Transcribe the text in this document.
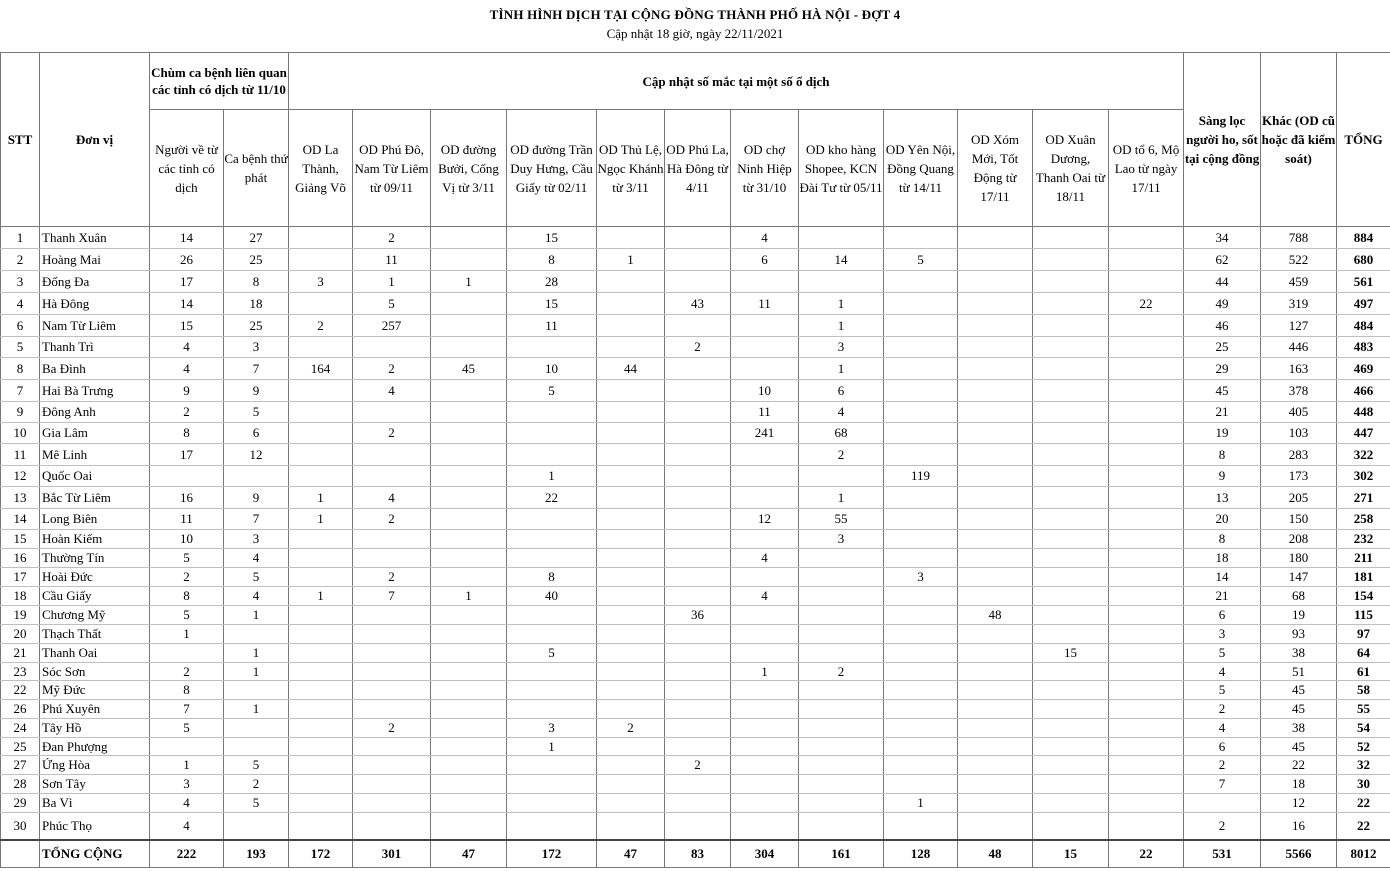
TÌNH HÌNH DỊCH TẠI CỘNG ĐỒNG THÀNH PHỐ HÀ NỘI - ĐỢT 4
Cập nhật 18 giờ, ngày 22/11/2021
STT	Đơn vị	Chùm ca bệnh liên quan các tỉnh có dịch từ 11/10		Cập nhật số mắc tại một số ổ dịch												Sàng lọc người ho, sốt tại cộng đồng	Khác (OD cũ hoặc đã kiểm soát)	TỔNG
		Người về từ các tỉnh có dịch	Ca bệnh thứ phát	OD La Thành, Giảng Võ	OD Phú Đô, Nam Từ Liêm từ 09/11	OD đường Bưởi, Cống Vị từ 3/11	OD đường Trần Duy Hưng, Cầu Giấy từ 02/11	OD Thủ Lệ, Ngọc Khánh từ 3/11	OD Phú La, Hà Đông từ 4/11	OD chợ Ninh Hiệp từ 31/10	OD kho hàng Shopee, KCN Đài Tư từ 05/11	OD Yên Nội, Đồng Quang từ 14/11	OD Xóm Mới, Tốt Động từ 17/11	OD Xuân Dương, Thanh Oai từ 18/11	OD tổ 6, Mộ Lao từ ngày 17/11			
1	Thanh Xuân	14	27		2		15			4						34	788	884
2	Hoàng Mai	26	25		11		8	1		6	14	5				62	522	680
3	Đống Đa	17	8	3	1	1	28									44	459	561
4	Hà Đông	14	18		5		15		43	11	1				22	49	319	497
6	Nam Từ Liêm	15	25	2	257		11				1					46	127	484
5	Thanh Trì	4	3						2		3					25	446	483
8	Ba Đình	4	7	164	2	45	10	44			1					29	163	469
7	Hai Bà Trưng	9	9		4		5			10	6					45	378	466
9	Đông Anh	2	5							11	4					21	405	448
10	Gia Lâm	8	6		2					241	68					19	103	447
11	Mê Linh	17	12								2					8	283	322
12	Quốc Oai						1					119				9	173	302
13	Bắc Từ Liêm	16	9	1	4		22				1					13	205	271
14	Long Biên	11	7	1	2					12	55					20	150	258
15	Hoàn Kiếm	10	3								3					8	208	232
16	Thường Tín	5	4							4						18	180	211
17	Hoài Đức	2	5		2		8					3				14	147	181
18	Cầu Giấy	8	4	1	7	1	40			4						21	68	154
19	Chương Mỹ	5	1						36				48			6	19	115
20	Thạch Thất	1														3	93	97
21	Thanh Oai		1				5							15		5	38	64
23	Sóc Sơn	2	1							1	2					4	51	61
22	Mỹ Đức	8														5	45	58
26	Phú Xuyên	7	1													2	45	55
24	Tây Hồ	5			2		3	2								4	38	54
25	Đan Phượng						1									6	45	52
27	Ứng Hòa	1	5						2							2	22	32
28	Sơn Tây	3	2													7	18	30
29	Ba Vì	4	5									1					12	22
30	Phúc Thọ	4														2	16	22
	TỔNG CỘNG	222	193	172	301	47	172	47	83	304	161	128	48	15	22	531	5566	8012
